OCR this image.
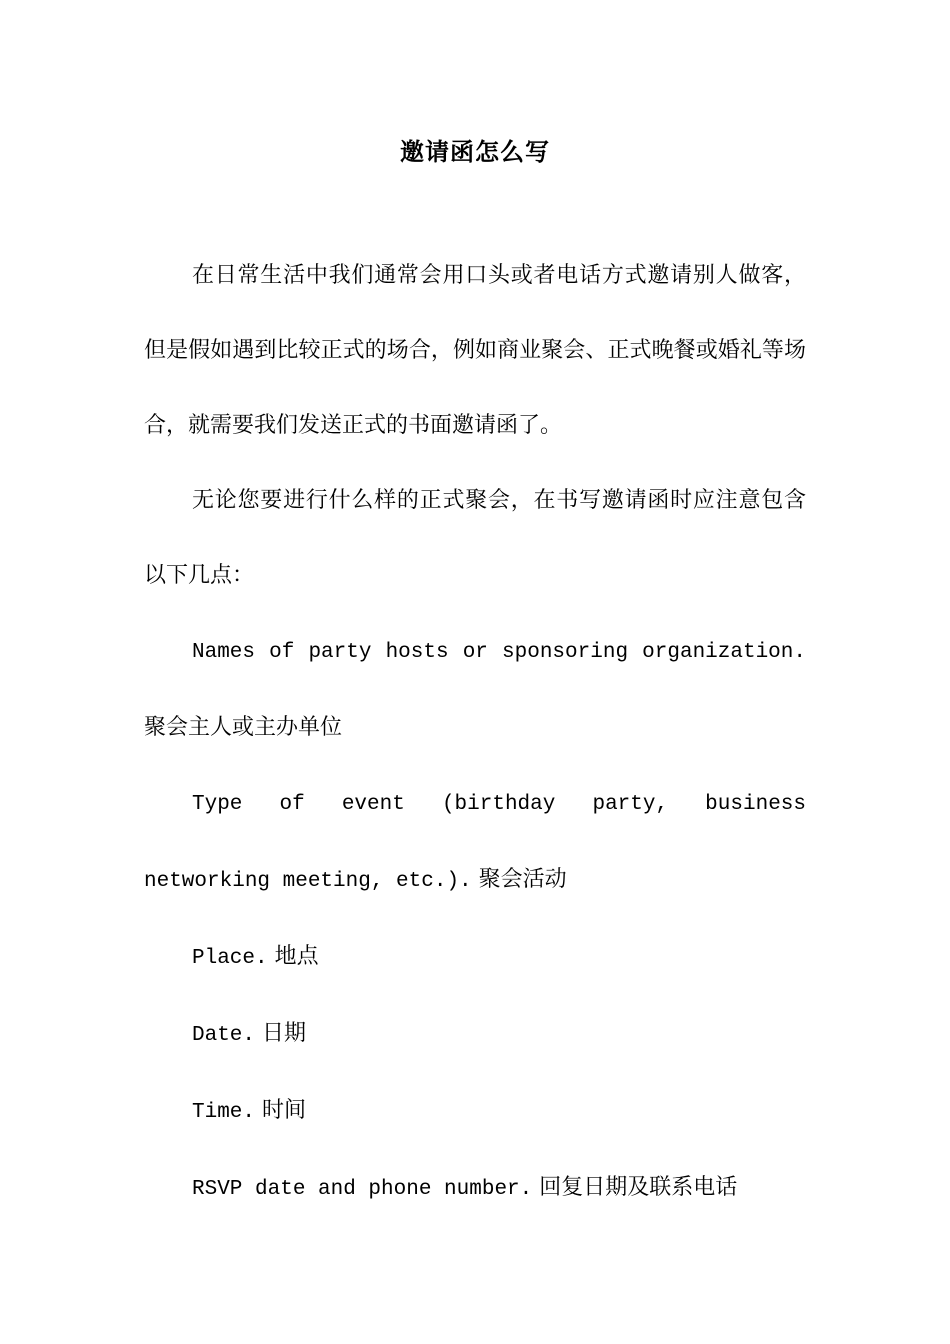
邀请函怎么写

在日常生活中我们通常会用口头或者电话方式邀请别人做客，但是假如遇到比较正式的场合，例如商业聚会、正式晚餐或婚礼等场合，就需要我们发送正式的书面邀请函了。

无论您要进行什么样的正式聚会，在书写邀请函时应注意包含以下几点：

Names of party hosts or sponsoring organization. 聚会主人或主办单位

Type of event (birthday party, business networking meeting, etc.). 聚会活动

Place. 地点

Date. 日期

Time. 时间

RSVP date and phone number. 回复日期及联系电话
